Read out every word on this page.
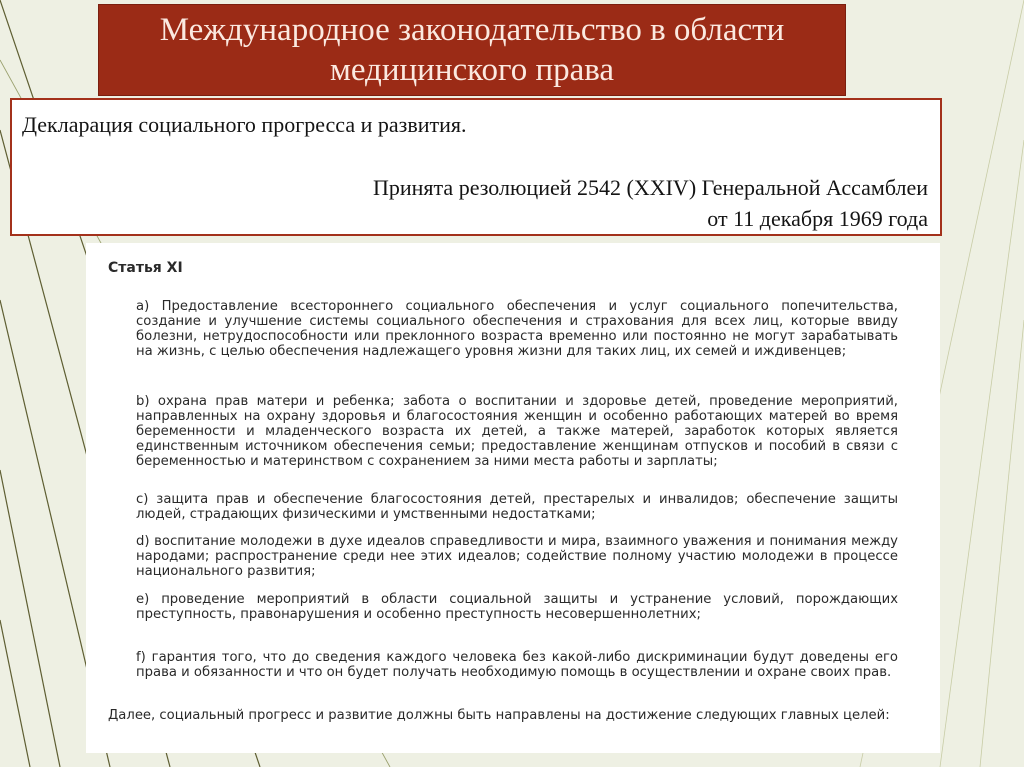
Международное законодательство в области
медицинского права
Декларация социального прогресса и развития.
Принята резолюцией 2542 (XXIV) Генеральной Ассамблеи
от 11 декабря 1969 года
Статья XI
а) Предоставление всестороннего социального обеспечения и услуг социального попечительства, создание и улучшение системы социального обеспечения и страхования для всех лиц, которые ввиду болезни, нетрудоспособности или преклонного возраста временно или постоянно не могут зарабатывать на жизнь, с целью обеспечения надлежащего уровня жизни для таких лиц, их семей и иждивенцев;
b) охрана прав матери и ребенка; забота о воспитании и здоровье детей, проведение мероприятий, направленных на охрану здоровья и благосостояния женщин и особенно работающих матерей во время беременности и младенческого возраста их детей, а также матерей, заработок которых является единственным источником обеспечения семьи; предоставление женщинам отпусков и пособий в связи с беременностью и материнством с сохранением за ними места работы и зарплаты;
c) защита прав и обеспечение благосостояния детей, престарелых и инвалидов; обеспечение защиты людей, страдающих физическими и умственными недостатками;
d) воспитание молодежи в духе идеалов справедливости и мира, взаимного уважения и понимания между народами; распространение среди нее этих идеалов; содействие полному участию молодежи в процессе национального развития;
e) проведение мероприятий в области социальной защиты и устранение условий, порождающих преступность, правонарушения и особенно преступность несовершеннолетних;
f) гарантия того, что до сведения каждого человека без какой-либо дискриминации будут доведены его права и обязанности и что он будет получать необходимую помощь в осуществлении и охране своих прав.
Далее, социальный прогресс и развитие должны быть направлены на достижение следующих главных целей:
